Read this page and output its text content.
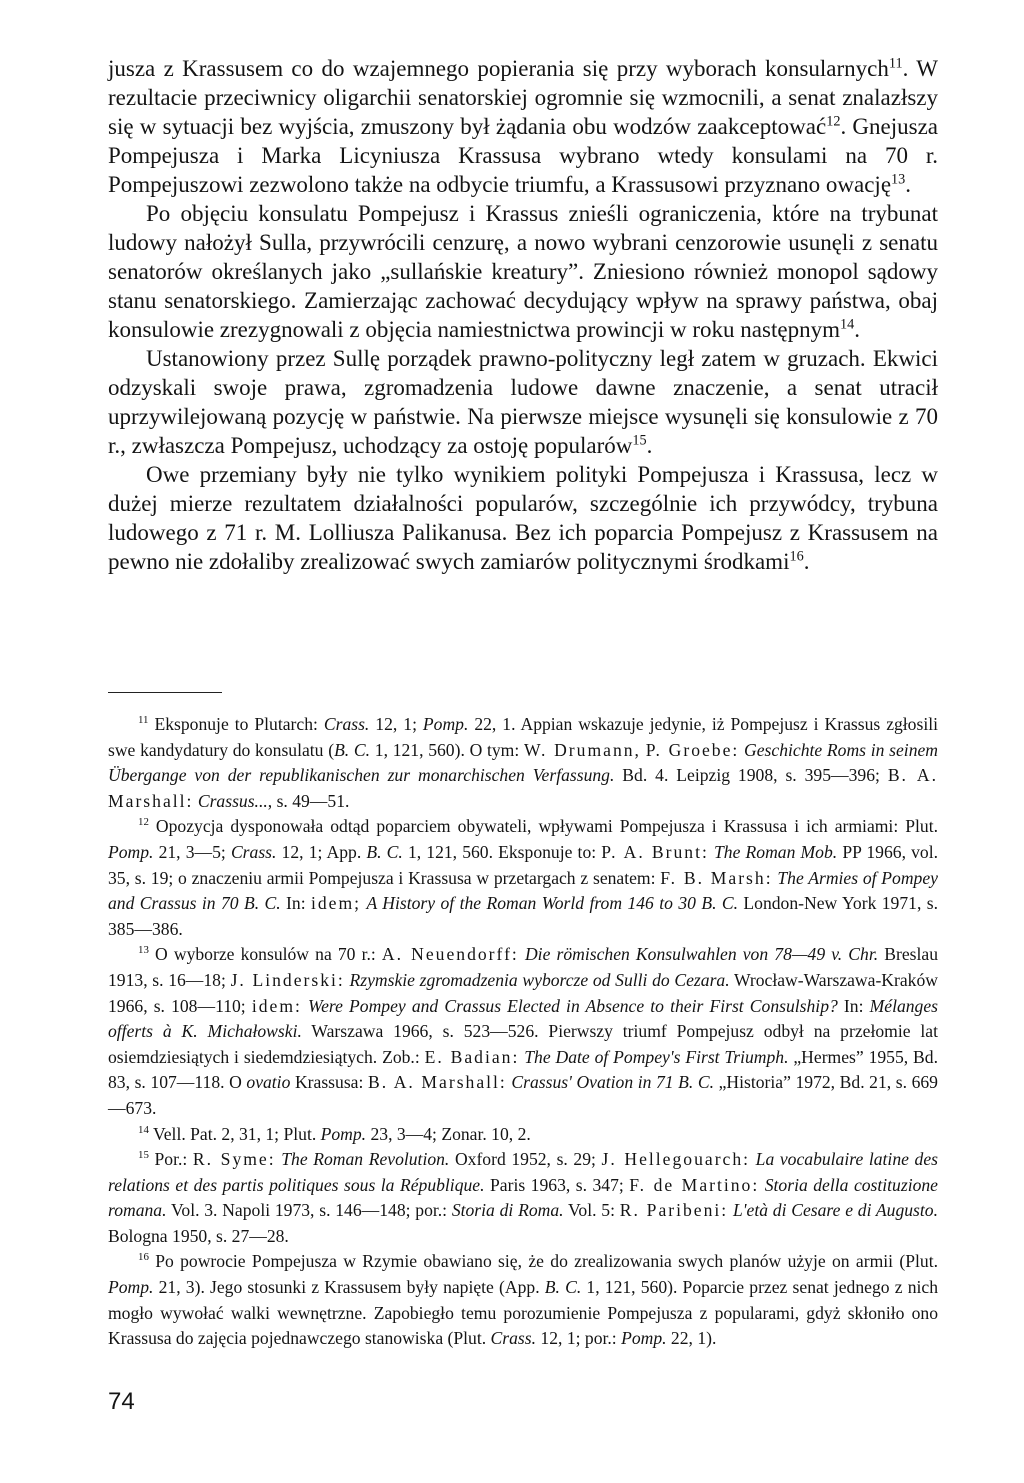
jusza z Krassusem co do wzajemnego popierania się przy wyborach konsularnych$^{11}$. W rezultacie przeciwnicy oligarchii senatorskiej ogromnie się wzmocnili, a senat znalazłszy się w sytuacji bez wyjścia, zmuszony był żądania obu wodzów zaakceptować$^{12}$. Gnejusza Pompejusza i Marka Licyniusza Krassusa wybrano wtedy konsulami na 70 r. Pompejuszowi zezwolono także na odbycie triumfu, a Krassusowi przyznano owację$^{13}$.

Po objęciu konsulatu Pompejusz i Krassus znieśli ograniczenia, które na trybunat ludowy nałożył Sulla, przywrócili cenzurę, a nowo wybrani cenzorowie usunęli z senatu senatorów określanych jako „sullańskie kreatury”. Zniesiono również monopol sądowy stanu senatorskiego. Zamierzając zachować decydujący wpływ na sprawy państwa, obaj konsulowie zrezygnowali z objęcia namiestnictwa prowincji w roku następnym$^{14}$.

Ustanowiony przez Sullę porządek prawno-polityczny legł zatem w gruzach. Ekwici odzyskali swoje prawa, zgromadzenia ludowe dawne znaczenie, a senat utracił uprzywilejowaną pozycję w państwie. Na pierwsze miejsce wysunęli się konsulowie z 70 r., zwłaszcza Pompejusz, uchodzący za ostoję popularów$^{15}$.

Owe przemiany były nie tylko wynikiem polityki Pompejusza i Krassusa, lecz w dużej mierze rezultatem działalności popularów, szczególnie ich przywódcy, trybuna ludowego z 71 r. M. Lolliusza Palikanusa. Bez ich poparcia Pompejusz z Krassusem na pewno nie zdołaliby zrealizować swych zamiarów politycznymi środkami$^{16}$.

$^{11}$ Eksponuje to Plutarch: Crass. 12, 1; Pomp. 22, 1. Appian wskazuje jedynie, iż Pompejusz i Krassus zgłosili swe kandydatury do konsulatu (B. C. 1, 121, 560). O tym: W. Drumann, P. Groebe: Geschichte Roms in seinem Übergange von der republikanischen zur monarchischen Verfassung. Bd. 4. Leipzig 1908, s. 395—396; B. A. Marshall: Crassus..., s. 49—51.

$^{12}$ Opozycja dysponowała odtąd poparciem obywateli, wpływami Pompejusza i Krassusa i ich armiami: Plut. Pomp. 21, 3—5; Crass. 12, 1; App. B. C. 1, 121, 560. Eksponuje to: P. A. Brunt: The Roman Mob. PP 1966, vol. 35, s. 19; o znaczeniu armii Pompejusza i Krassusa w przetargach z senatem: F. B. Marsh: The Armies of Pompey and Crassus in 70 B. C. In: idem; A History of the Roman World from 146 to 30 B. C. London-New York 1971, s. 385—386.

$^{13}$ O wyborze konsulów na 70 r.: A. Neuendorff: Die römischen Konsulwahlen von 78—49 v. Chr. Breslau 1913, s. 16—18; J. Linderski: Rzymskie zgromadzenia wyborcze od Sulli do Cezara. Wrocław-Warszawa-Kraków 1966, s. 108—110; idem: Were Pompey and Crassus Elected in Absence to their First Consulship? In: Mélanges offerts à K. Michałowski. Warszawa 1966, s. 523—526. Pierwszy triumf Pompejusz odbył na przełomie lat osiemdziesiątych i siedemdziesiątych. Zob.: E. Badian: The Date of Pompey's First Triumph. „Hermes” 1955, Bd. 83, s. 107—118. O ovatio Krassusa: B. A. Marshall: Crassus' Ovation in 71 B. C. „Historia” 1972, Bd. 21, s. 669—673.

$^{14}$ Vell. Pat. 2, 31, 1; Plut. Pomp. 23, 3—4; Zonar. 10, 2.

$^{15}$ Por.: R. Syme: The Roman Revolution. Oxford 1952, s. 29; J. Hellegouarch: La vocabulaire latine des relations et des partis politiques sous la République. Paris 1963, s. 347; F. de Martino: Storia della costituzione romana. Vol. 3. Napoli 1973, s. 146—148; por.: Storia di Roma. Vol. 5: R. Paribeni: L'età di Cesare e di Augusto. Bologna 1950, s. 27—28.

$^{16}$ Po powrocie Pompejusza w Rzymie obawiano się, że do zrealizowania swych planów użyje on armii (Plut. Pomp. 21, 3). Jego stosunki z Krassusem były napięte (App. B. C. 1, 121, 560). Poparcie przez senat jednego z nich mogło wywołać walki wewnętrzne. Zapobiegło temu porozumienie Pompejusza z popularami, gdyż skłoniło ono Krassusa do zajęcia pojednawczego stanowiska (Plut. Crass. 12, 1; por.: Pomp. 22, 1).

74
